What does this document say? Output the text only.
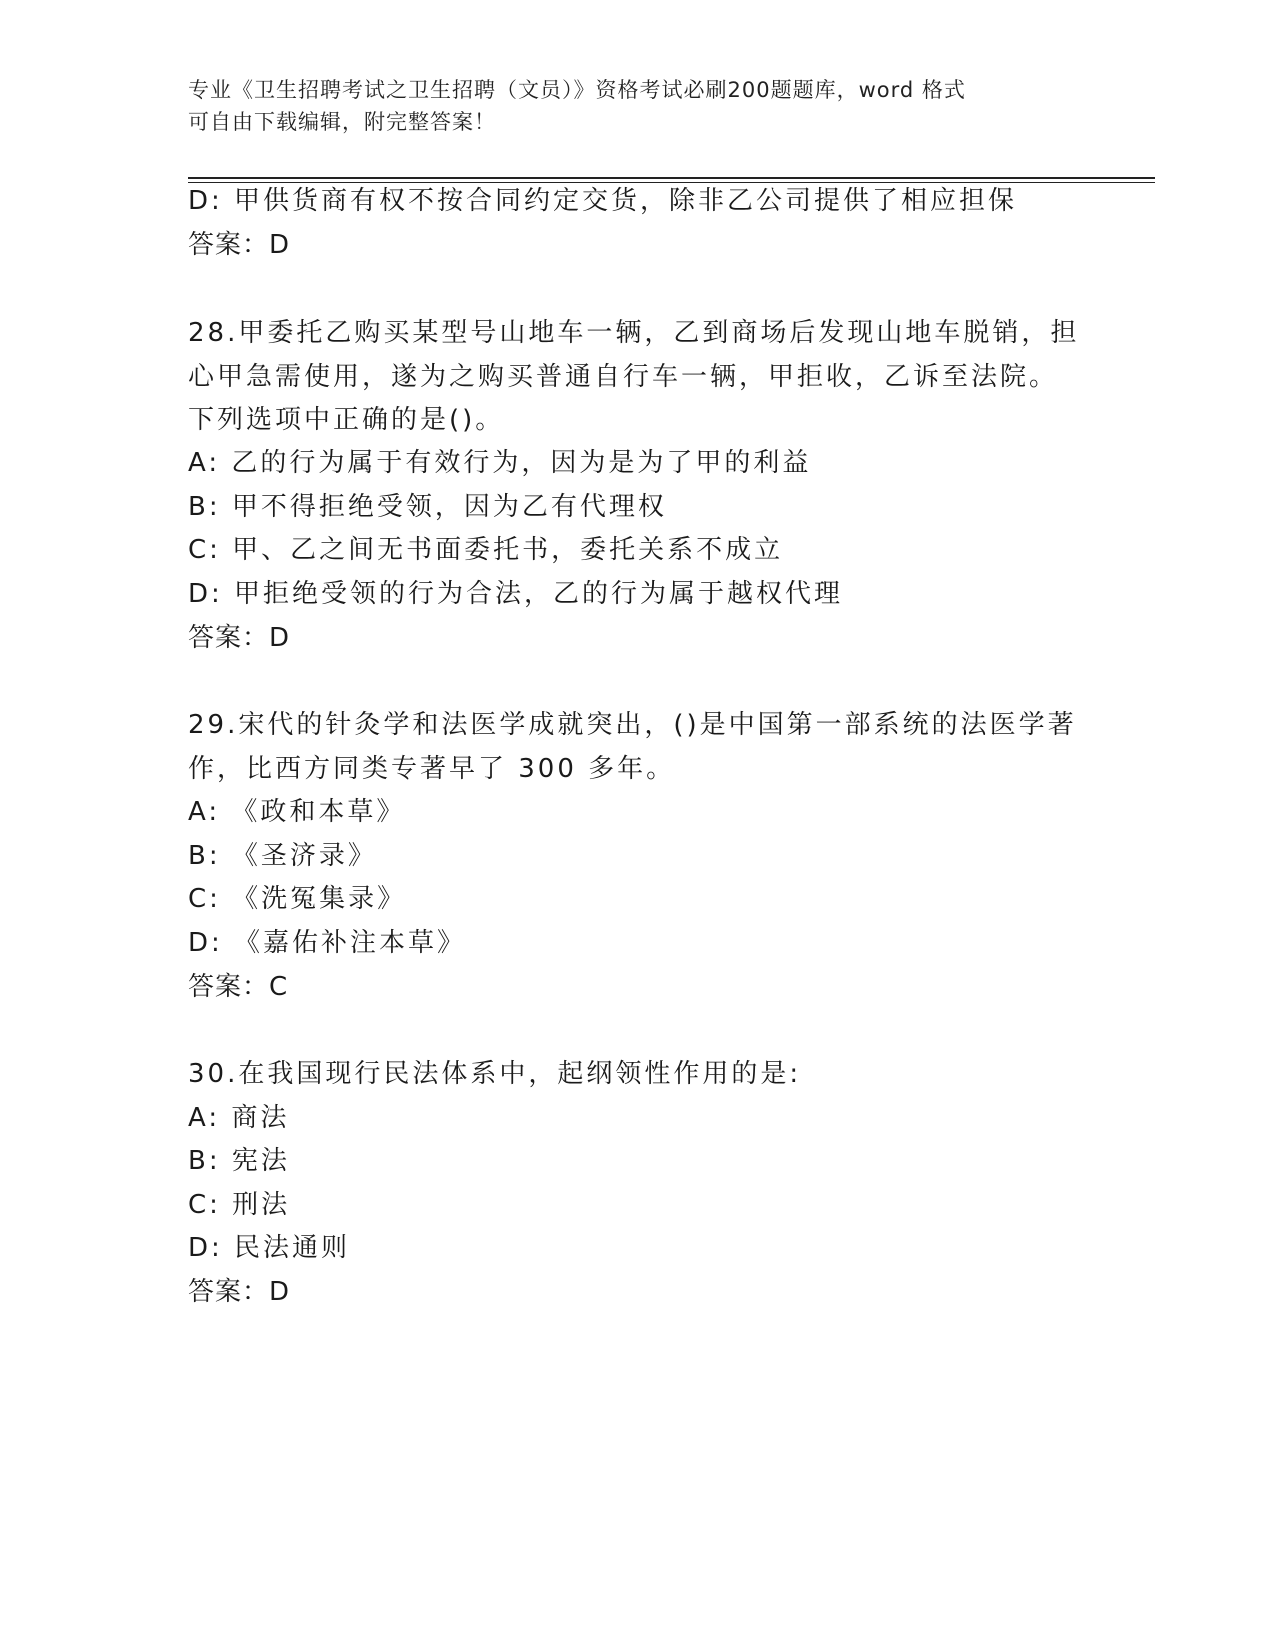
专业《卫生招聘考试之卫生招聘（文员）》资格考试必刷200题题库，word 格式
可自由下载编辑，附完整答案！
D: 甲供货商有权不按合同约定交货，除非乙公司提供了相应担保
答案：D
28.甲委托乙购买某型号山地车一辆，乙到商场后发现山地车脱销，担
心甲急需使用，遂为之购买普通自行车一辆，甲拒收，乙诉至法院。
下列选项中正确的是()。
A: 乙的行为属于有效行为，因为是为了甲的利益
B: 甲不得拒绝受领，因为乙有代理权
C: 甲、乙之间无书面委托书，委托关系不成立
D: 甲拒绝受领的行为合法，乙的行为属于越权代理
答案：D
29.宋代的针灸学和法医学成就突出，()是中国第一部系统的法医学著
作，比西方同类专著早了 300 多年。
A: 《政和本草》
B: 《圣济录》
C: 《洗冤集录》
D: 《嘉佑补注本草》
答案：C
30.在我国现行民法体系中，起纲领性作用的是:
A: 商法
B: 宪法
C: 刑法
D: 民法通则
答案：D
